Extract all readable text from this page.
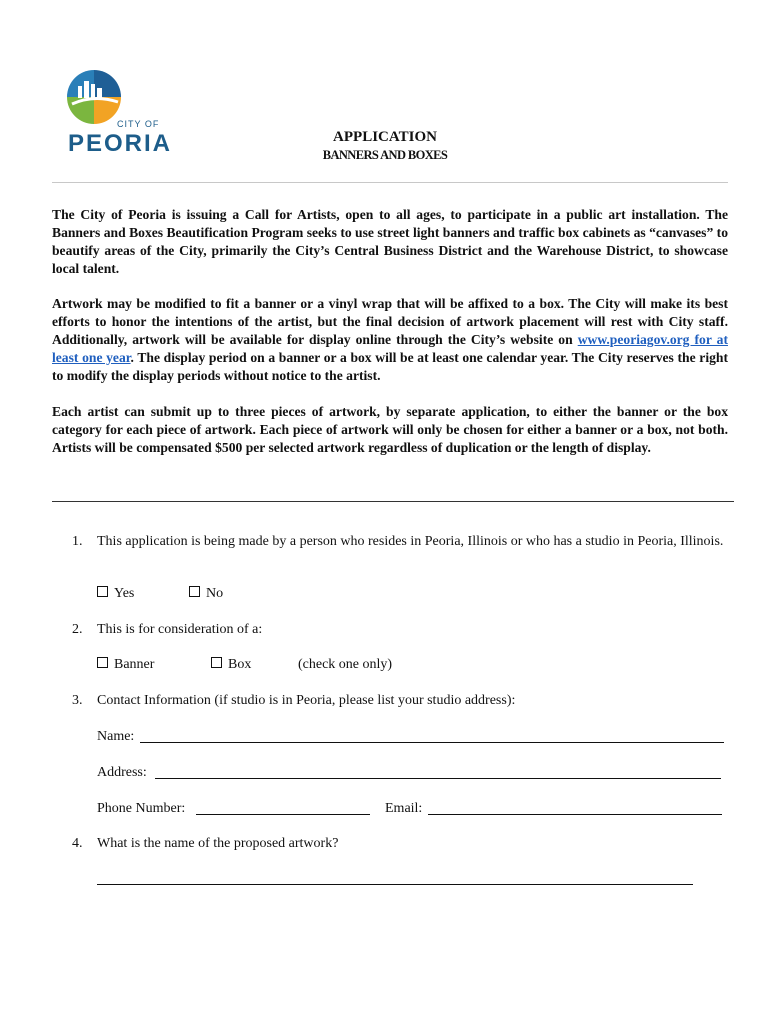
CITY OF
PEORIA	APPLICATION
BANNERS AND BOXES
The City of Peoria is issuing a Call for Artists, open to all ages, to participate in a public art installation. The Banners and Boxes Beautification Program seeks to use street light banners and traffic box cabinets as “canvases” to beautify areas of the City, primarily the City’s Central Business District and the Warehouse District, to showcase local talent.
Artwork may be modified to fit a banner or a vinyl wrap that will be affixed to a box. The City will make its best efforts to honor the intentions of the artist, but the final decision of artwork placement will rest with City staff. Additionally, artwork will be available for display online through the City’s website on www.peoriagov.org for at least one year. The display period on a banner or a box will be at least one calendar year. The City reserves the right to modify the display periods without notice to the artist.
Each artist can submit up to three pieces of artwork, by separate application, to either the banner or the box category for each piece of artwork. Each piece of artwork will only be chosen for either a banner or a box, not both. Artists will be compensated $500 per selected artwork regardless of duplication or the length of display.
1. This application is being made by a person who resides in Peoria, Illinois or who has a studio in Peoria, Illinois.
Yes	No
2. This is for consideration of a:
Banner	Box	(check one only)
3. Contact Information (if studio is in Peoria, please list your studio address):
Name:
Address:
Phone Number:	Email:
4. What is the name of the proposed artwork?
